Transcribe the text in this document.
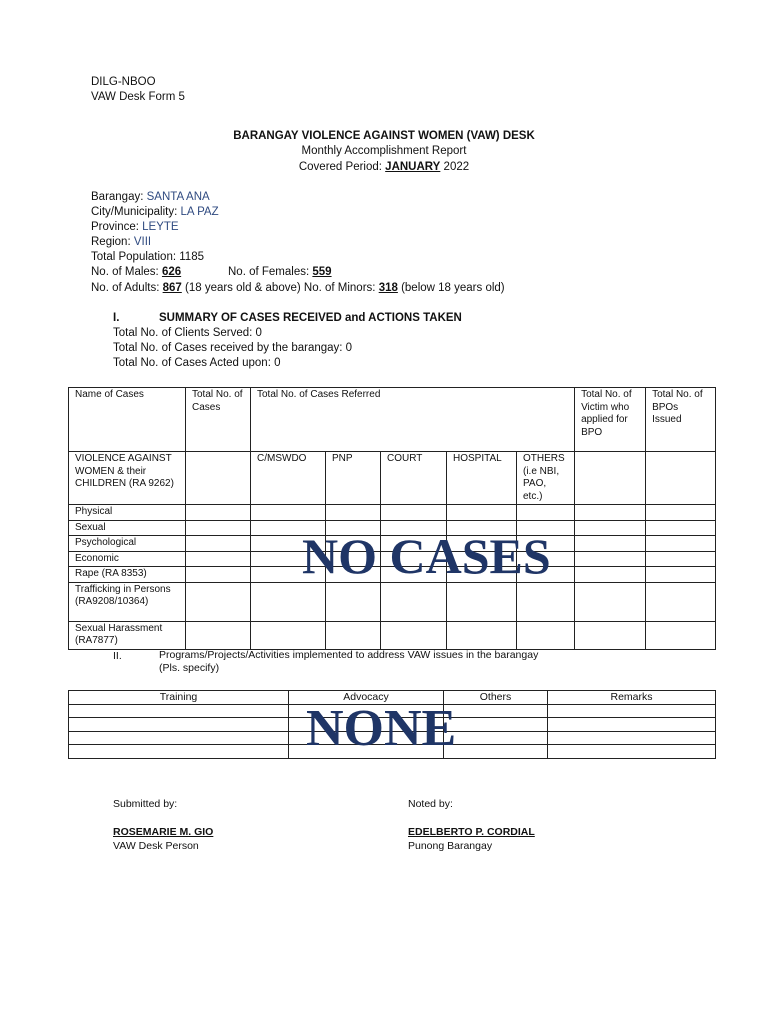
DILG-NBOO
VAW Desk Form 5
BARANGAY VIOLENCE AGAINST WOMEN (VAW) DESK
Monthly Accomplishment Report
Covered Period: JANUARY 2022
Barangay: SANTA ANA
City/Municipality: LA PAZ
Province: LEYTE
Region: VIII
Total Population: 1185
No. of Males: 626	No. of Females: 559
No. of Adults: 867 (18 years old & above) No. of Minors: 318 (below 18 years old)
I.	SUMMARY OF CASES RECEIVED and ACTIONS TAKEN
Total No. of Clients Served: 0
Total No. of Cases received by the barangay: 0
Total No. of Cases Acted upon: 0
Name of Cases	Total No. of Cases	Total No. of Cases Referred					Total No. of Victim who applied for BPO	Total No. of BPOs Issued
VIOLENCE AGAINST WOMEN & their CHILDREN (RA 9262)		C/MSWDO	PNP	COURT	HOSPITAL	OTHERS (i.e NBI, PAO, etc.)		
Physical								
Sexual								
Psychological								
Economic								
Rape (RA 8353)								
Trafficking in Persons (RA9208/10364)								
Sexual Harassment (RA7877)								
NO CASES
II.	Programs/Projects/Activities implemented to address VAW issues in the barangay
(Pls. specify)
Training	Advocacy	Others	Remarks

NONE
Submitted by:
ROSEMARIE M. GIO
VAW Desk Person
Noted by:
EDELBERTO P. CORDIAL
Punong Barangay
